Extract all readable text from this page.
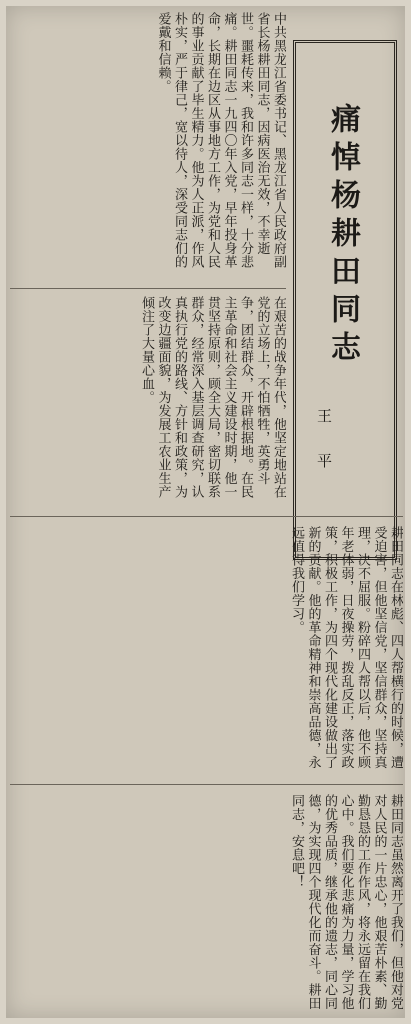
痛悼杨耕田同志
王 平
中共黑龙江省委书记、黑龙江省人民政府副省长杨耕田同志，因病医治无效，不幸逝世。噩耗传来，我和许多同志一样，十分悲痛。耕田同志一九四〇年入党，早年投身革命，长期在边区从事地方工作，为党和人民的事业贡献了毕生精力。他为人正派，作风朴实，严于律己，宽以待人，深受同志们的爱戴和信赖。
在艰苦的战争年代，他坚定地站在党的立场上，不怕牺牲，英勇斗争，团结群众，开辟根据地。在民主革命和社会主义建设时期，他一贯坚持原则，顾全大局，密切联系群众，经常深入基层调查研究，认真执行党的路线、方针和政策，为改变边疆面貌，为发展工农业生产倾注了大量心血。
耕田同志在林彪、四人帮横行的时候，遭受迫害，但他坚信党，坚信群众，坚持真理，决不屈服。粉碎四人帮以后，他不顾年老体弱，日夜操劳，拨乱反正，落实政策，积极工作，为四个现代化建设做出了新的贡献。他的革命精神和崇高品德，永远值得我们学习。
耕田同志虽然离开了我们，但他对党对人民的一片忠心，他艰苦朴素、勤勤恳恳的工作作风，将永远留在我们心中。我们要化悲痛为力量，学习他的优秀品质，继承他的遗志，同心同德，为实现四个现代化而奋斗。耕田同志，安息吧！
